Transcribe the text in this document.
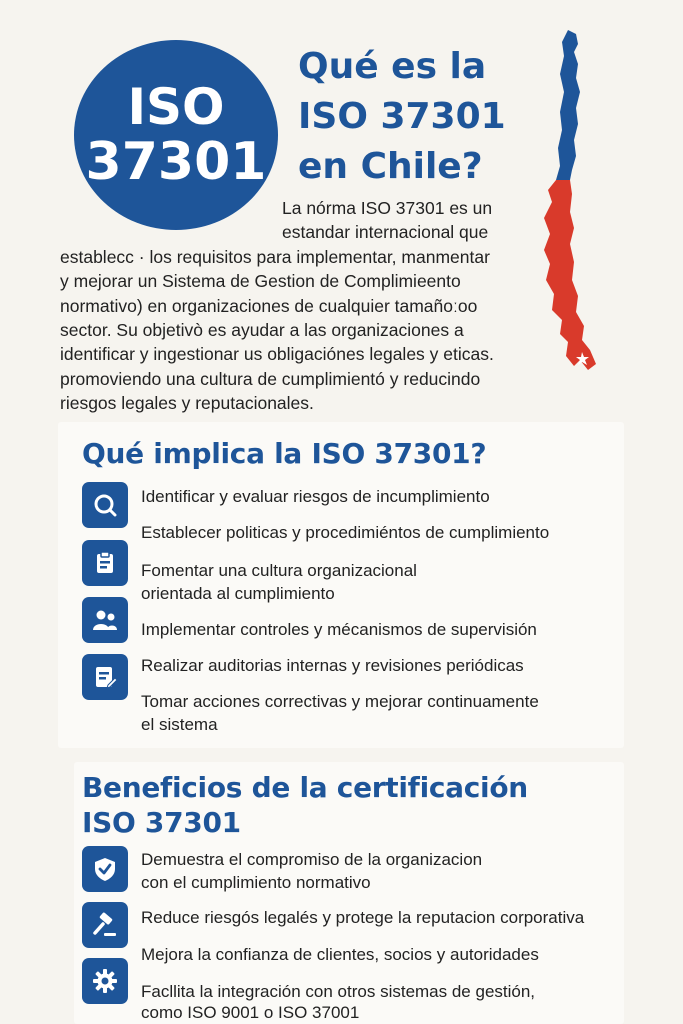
ISO
37301
Qué es la
ISO 37301
en Chile?

La nórma ISO 37301 es un
estandar internacional que
establecc · los requisitos para implementar, manmentar
y mejorar un Sistema de Gestion de Complimieento
normativo) en organizaciones de cualquier tamañoːoo
sector. Su objetivò es ayudar a las organizaciones a
identificar y ingestionar us obligaciónes legales y eticas.
promoviendo una cultura de cumplimientó y reducindo
riesgos legales y reputacionales.

Qué implica la ISO 37301?

Identificar y evaluar riesgos de incumplimiento

Establecer politicas y procedimiéntos de cumplimiento

Fomentar una cultura organizacional

orientada al cumplimiento

Implementar controles y mécanismos de supervisión

Realizar auditorias internas y revisiones periódicas

Tomar acciones correctivas y mejorar continuamente

el sistema

Beneficios de la certificación
ISO 37301

Demuestra el compromiso de la organizacion

con el cumplimiento normativo

Reduce riesgós legalés y protege la reputacion corporativa

Mejora la confianza de clientes, socios y autoridades

Facllita la integración con otros sistemas de gestión,

como ISO 9001 o ISO 37001
